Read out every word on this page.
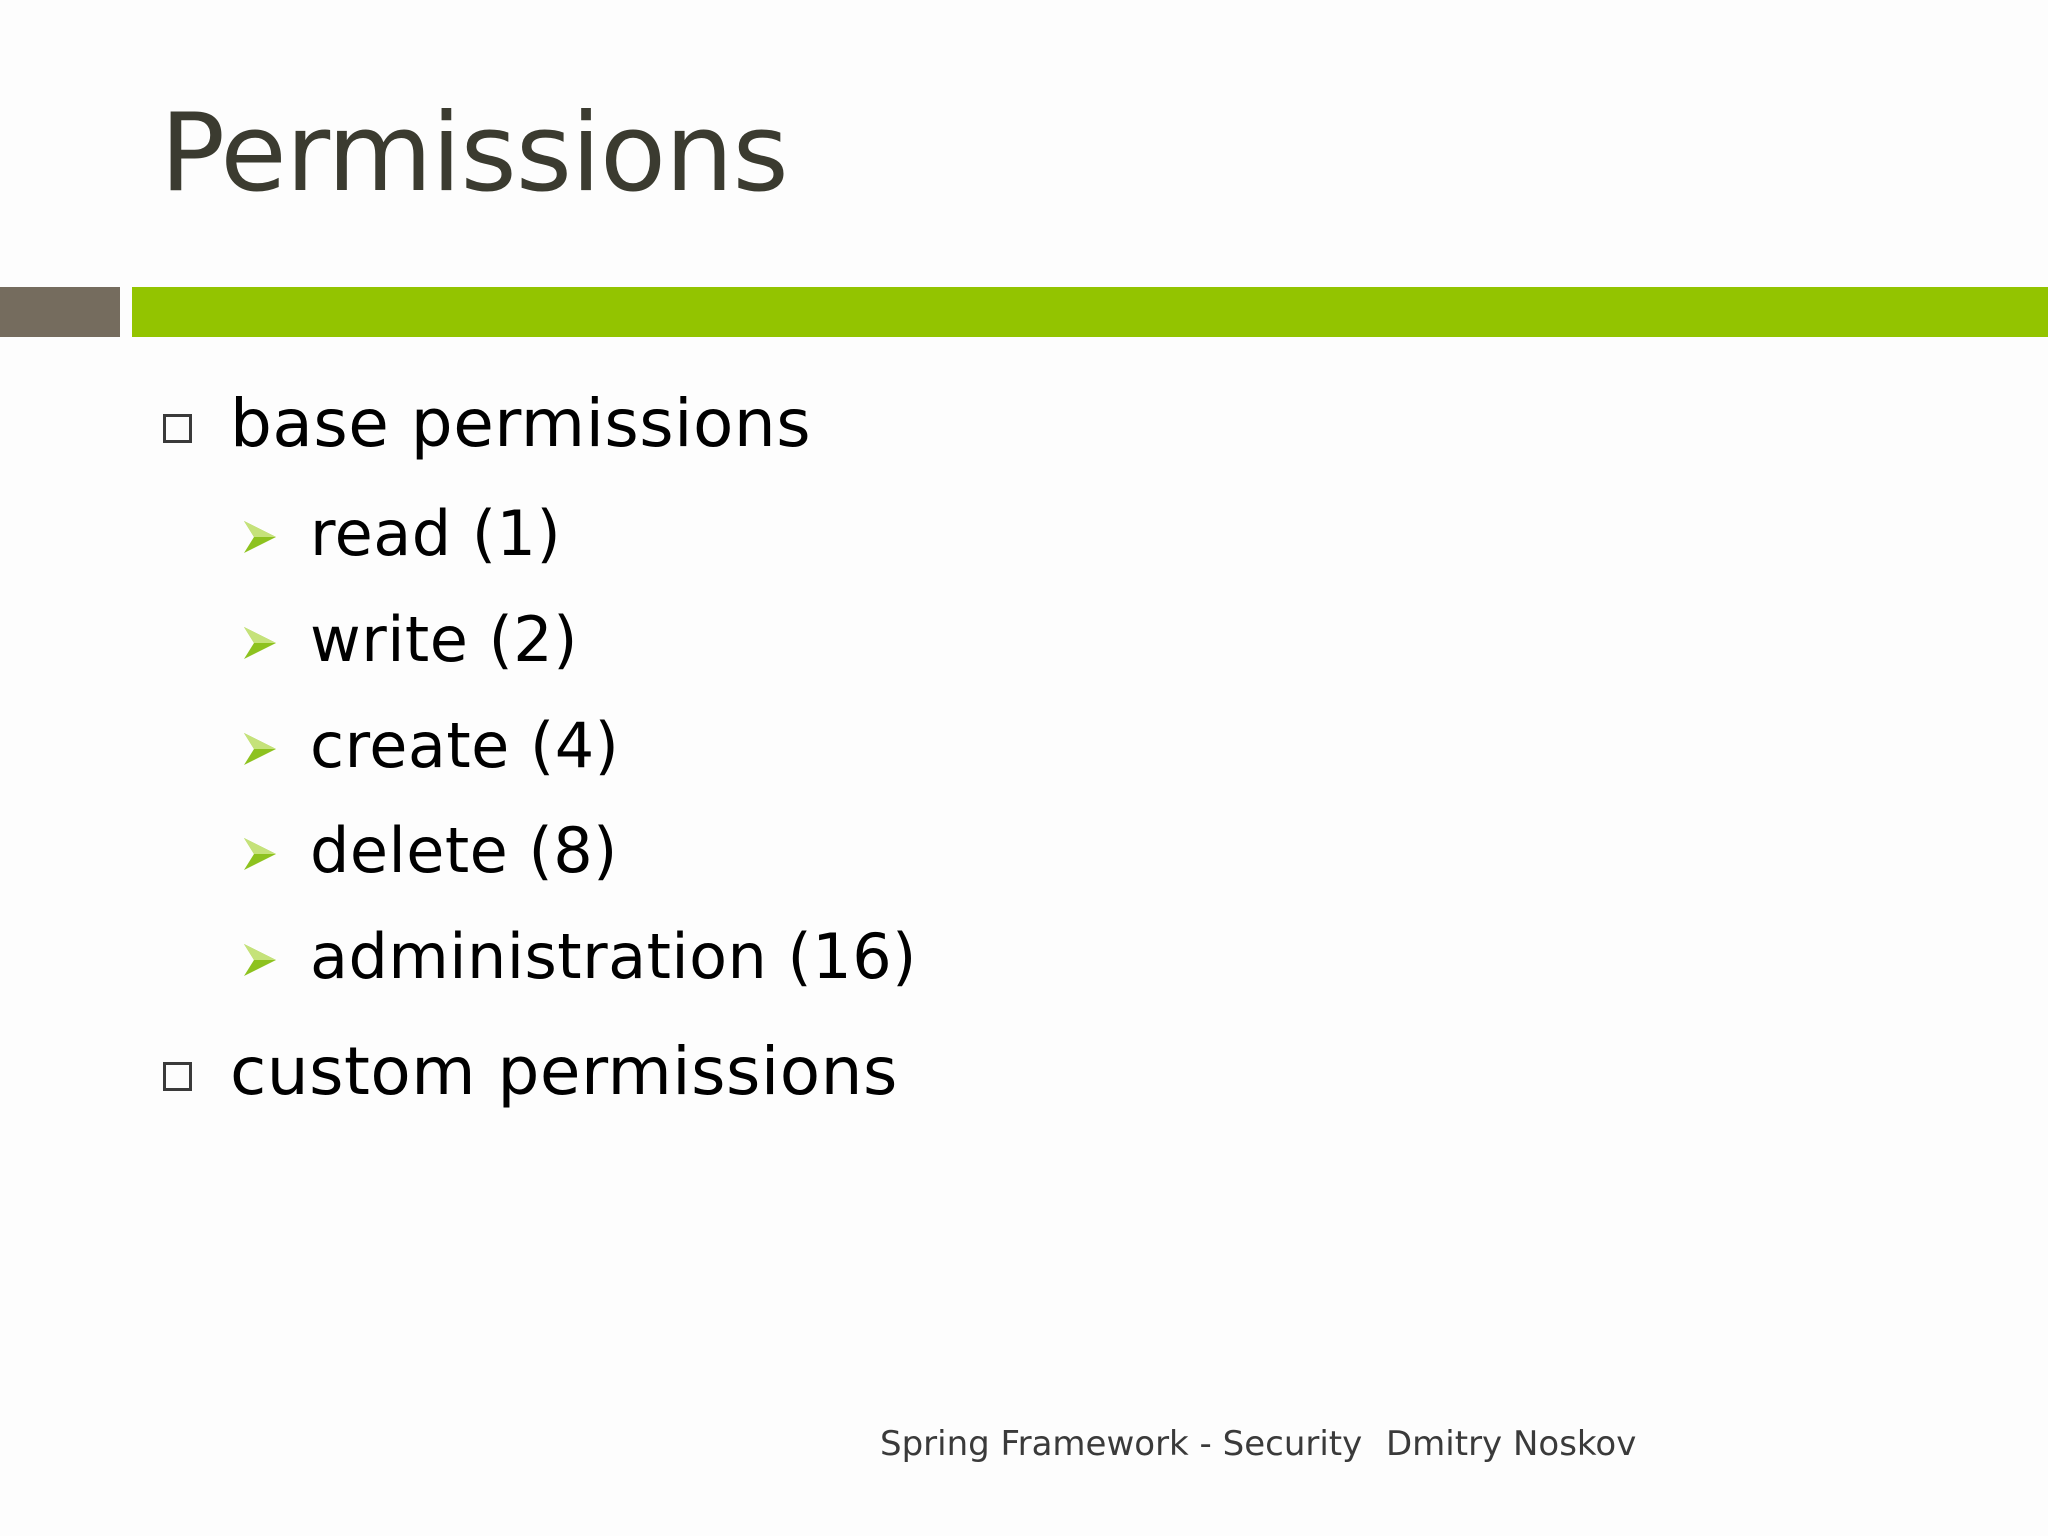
Permissions
base permissions
read (1)
write (2)
create (4)
delete (8)
administration (16)
custom permissions
Spring Framework - Security Dmitry Noskov
